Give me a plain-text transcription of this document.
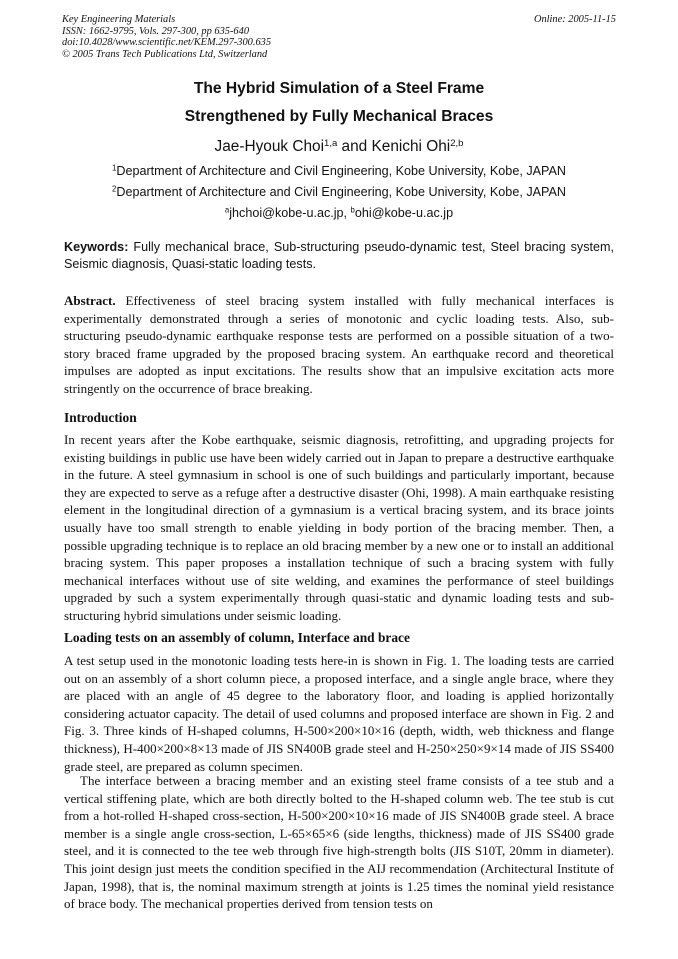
Key Engineering Materials
ISSN: 1662-9795, Vols. 297-300, pp 635-640
doi:10.4028/www.scientific.net/KEM.297-300.635
© 2005 Trans Tech Publications Ltd, Switzerland
Online: 2005-11-15
The Hybrid Simulation of a Steel Frame
Strengthened by Fully Mechanical Braces
Jae-Hyouk Choi$^{1,a}$ and Kenichi Ohi$^{2,b}$
$^1$Department of Architecture and Civil Engineering, Kobe University, Kobe, JAPAN
$^2$Department of Architecture and Civil Engineering, Kobe University, Kobe, JAPAN
$^a$jhchoi@kobe-u.ac.jp, $^b$ohi@kobe-u.ac.jp
Keywords: Fully mechanical brace, Sub-structuring pseudo-dynamic test, Steel bracing system, Seismic diagnosis, Quasi-static loading tests.
Abstract. Effectiveness of steel bracing system installed with fully mechanical interfaces is experimentally demonstrated through a series of monotonic and cyclic loading tests. Also, sub-structuring pseudo-dynamic earthquake response tests are performed on a possible situation of a two-story braced frame upgraded by the proposed bracing system. An earthquake record and theoretical impulses are adopted as input excitations. The results show that an impulsive excitation acts more stringently on the occurrence of brace breaking.
Introduction
In recent years after the Kobe earthquake, seismic diagnosis, retrofitting, and upgrading projects for existing buildings in public use have been widely carried out in Japan to prepare a destructive earthquake in the future. A steel gymnasium in school is one of such buildings and particularly important, because they are expected to serve as a refuge after a destructive disaster (Ohi, 1998). A main earthquake resisting element in the longitudinal direction of a gymnasium is a vertical bracing system, and its brace joints usually have too small strength to enable yielding in body portion of the bracing member. Then, a possible upgrading technique is to replace an old bracing member by a new one or to install an additional bracing system. This paper proposes a installation technique of such a bracing system with fully mechanical interfaces without use of site welding, and examines the performance of steel buildings upgraded by such a system experimentally through quasi-static and dynamic loading tests and sub-structuring hybrid simulations under seismic loading.
Loading tests on an assembly of column, Interface and brace
A test setup used in the monotonic loading tests here-in is shown in Fig. 1. The loading tests are carried out on an assembly of a short column piece, a proposed interface, and a single angle brace, where they are placed with an angle of 45 degree to the laboratory floor, and loading is applied horizontally considering actuator capacity. The detail of used columns and proposed interface are shown in Fig. 2 and Fig. 3. Three kinds of H-shaped columns, H-500×200×10×16 (depth, width, web thickness and flange thickness), H-400×200×8×13 made of JIS SN400B grade steel and H-250×250×9×14 made of JIS SS400 grade steel, are prepared as column specimen.
The interface between a bracing member and an existing steel frame consists of a tee stub and a vertical stiffening plate, which are both directly bolted to the H-shaped column web. The tee stub is cut from a hot-rolled H-shaped cross-section, H-500×200×10×16 made of JIS SN400B grade steel. A brace member is a single angle cross-section, L-65×65×6 (side lengths, thickness) made of JIS SS400 grade steel, and it is connected to the tee web through five high-strength bolts (JIS S10T, 20mm in diameter). This joint design just meets the condition specified in the AIJ recommendation (Architectural Institute of Japan, 1998), that is, the nominal maximum strength at joints is 1.25 times the nominal yield resistance of brace body. The mechanical properties derived from tension tests on
